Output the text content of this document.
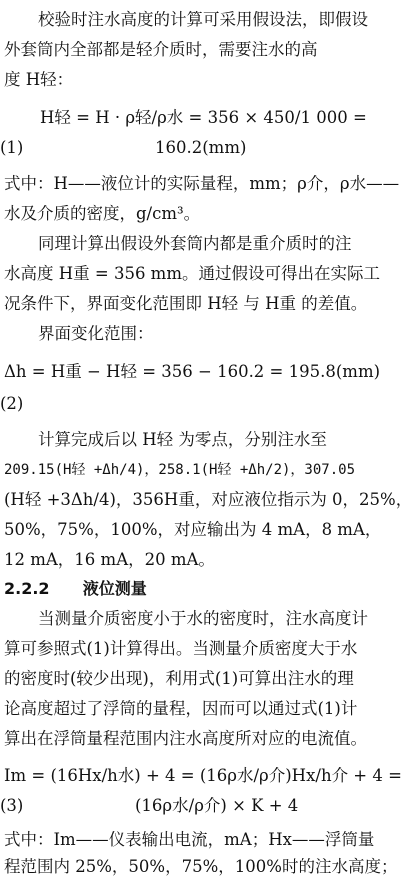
校验时注水高度的计算可采用假设法，即假设
外套筒内全部都是轻介质时，需要注水的高
度 H轻：
H轻 = H · ρ轻/ρ水 = 356 × 450/1 000 =
160.2(mm)
(1)
式中：H——液位计的实际量程，mm；ρ介，ρ水——
水及介质的密度，g/cm³。
同理计算出假设外套筒内都是重介质时的注
水高度 H重 = 356 mm。通过假设可得出在实际工
况条件下，界面变化范围即 H轻 与 H重 的差值。
界面变化范围：
Δh = H重 − H轻 = 356 − 160.2 = 195.8(mm)
(2)
计算完成后以 H轻 为零点，分别注水至
209.15(H轻 +Δh/4)，258.1(H轻 +Δh/2)，307.05
(H轻 +3Δh/4)，356H重，对应液位指示为 0，25%，
50%，75%，100%，对应输出为 4 mA，8 mA，
12 mA，16 mA，20 mA。
2.2.2 液位测量
当测量介质密度小于水的密度时，注水高度计
算可参照式(1)计算得出。当测量介质密度大于水
的密度时(较少出现)，利用式(1)可算出注水的理
论高度超过了浮筒的量程，因而可以通过式(1)计
算出在浮筒量程范围内注水高度所对应的电流值。
Im = (16Hx/h水) + 4 = (16ρ水/ρ介)Hx/h介 + 4 =
(16ρ水/ρ介) × K + 4
(3)
式中：Im——仪表输出电流，mA；Hx——浮筒量
程范围内 25%，50%，75%，100%时的注水高度；
